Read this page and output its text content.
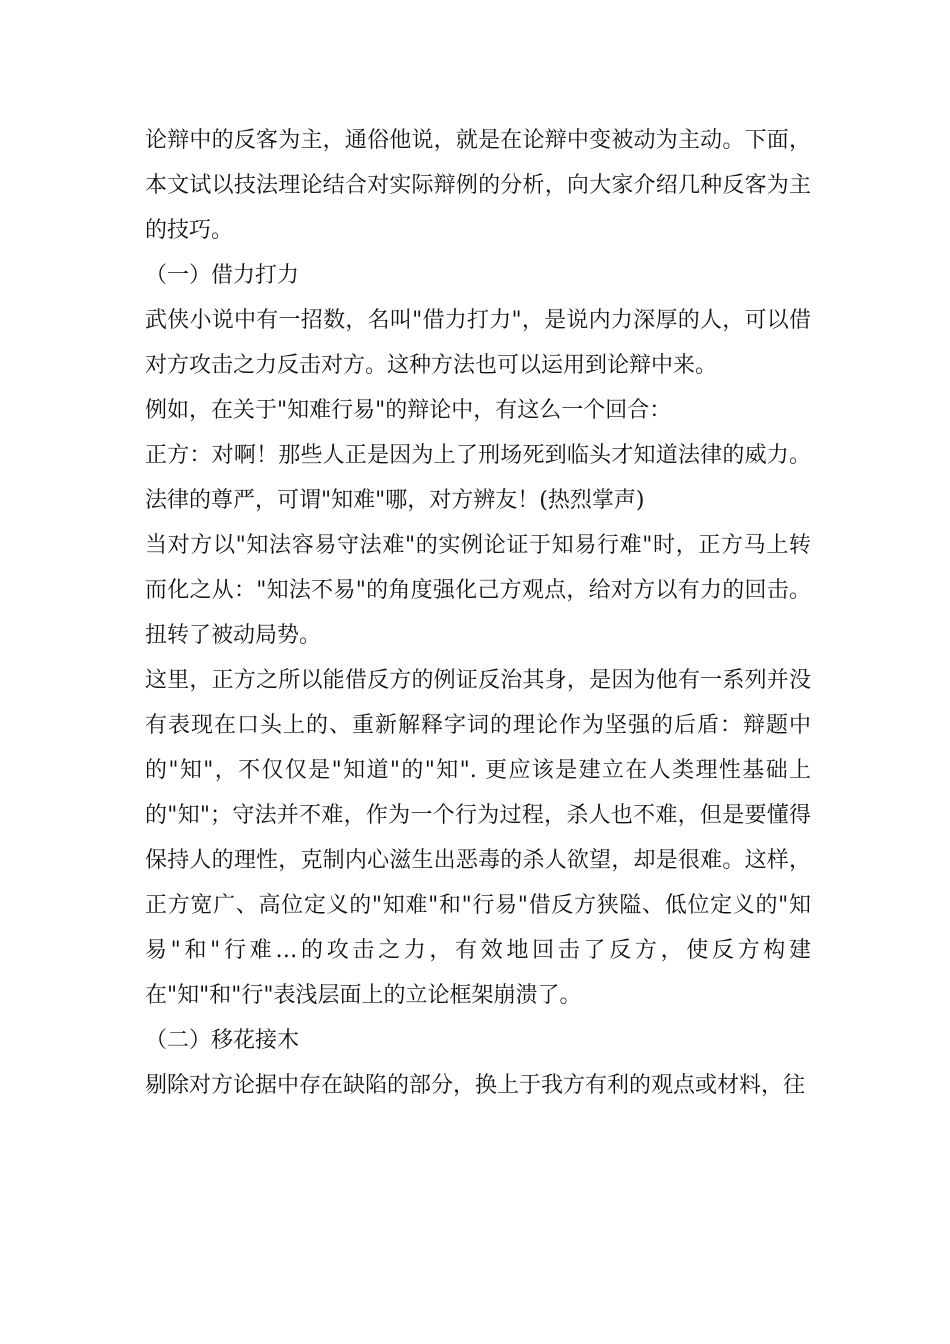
论辩中的反客为主，通俗他说，就是在论辩中变被动为主动。下面，本文试以技法理论结合对实际辩例的分析，向大家介绍几种反客为主的技巧。

（一）借力打力

武侠小说中有一招数，名叫"借力打力"，是说内力深厚的人，可以借对方攻击之力反击对方。这种方法也可以运用到论辩中来。

例如，在关于"知难行易"的辩论中，有这么一个回合：

正方：对啊！那些人正是因为上了刑场死到临头才知道法律的威力。法律的尊严，可谓"知难"哪，对方辨友！(热烈掌声)

当对方以"知法容易守法难"的实例论证于知易行难"时，正方马上转而化之从："知法不易"的角度强化己方观点，给对方以有力的回击。扭转了被动局势。

这里，正方之所以能借反方的例证反治其身，是因为他有一系列并没有表现在口头上的、重新解释字词的理论作为坚强的后盾：辩题中的"知"，不仅仅是"知道"的"知". 更应该是建立在人类理性基础上的"知"；守法并不难，作为一个行为过程，杀人也不难，但是要懂得保持人的理性，克制内心滋生出恶毒的杀人欲望，却是很难。这样，正方宽广、高位定义的"知难"和"行易"借反方狭隘、低位定义的"知易"和"行难…的攻击之力，有效地回击了反方，使反方构建在"知"和"行"表浅层面上的立论框架崩溃了。

（二）移花接木

剔除对方论据中存在缺陷的部分，换上于我方有利的观点或材料，往
